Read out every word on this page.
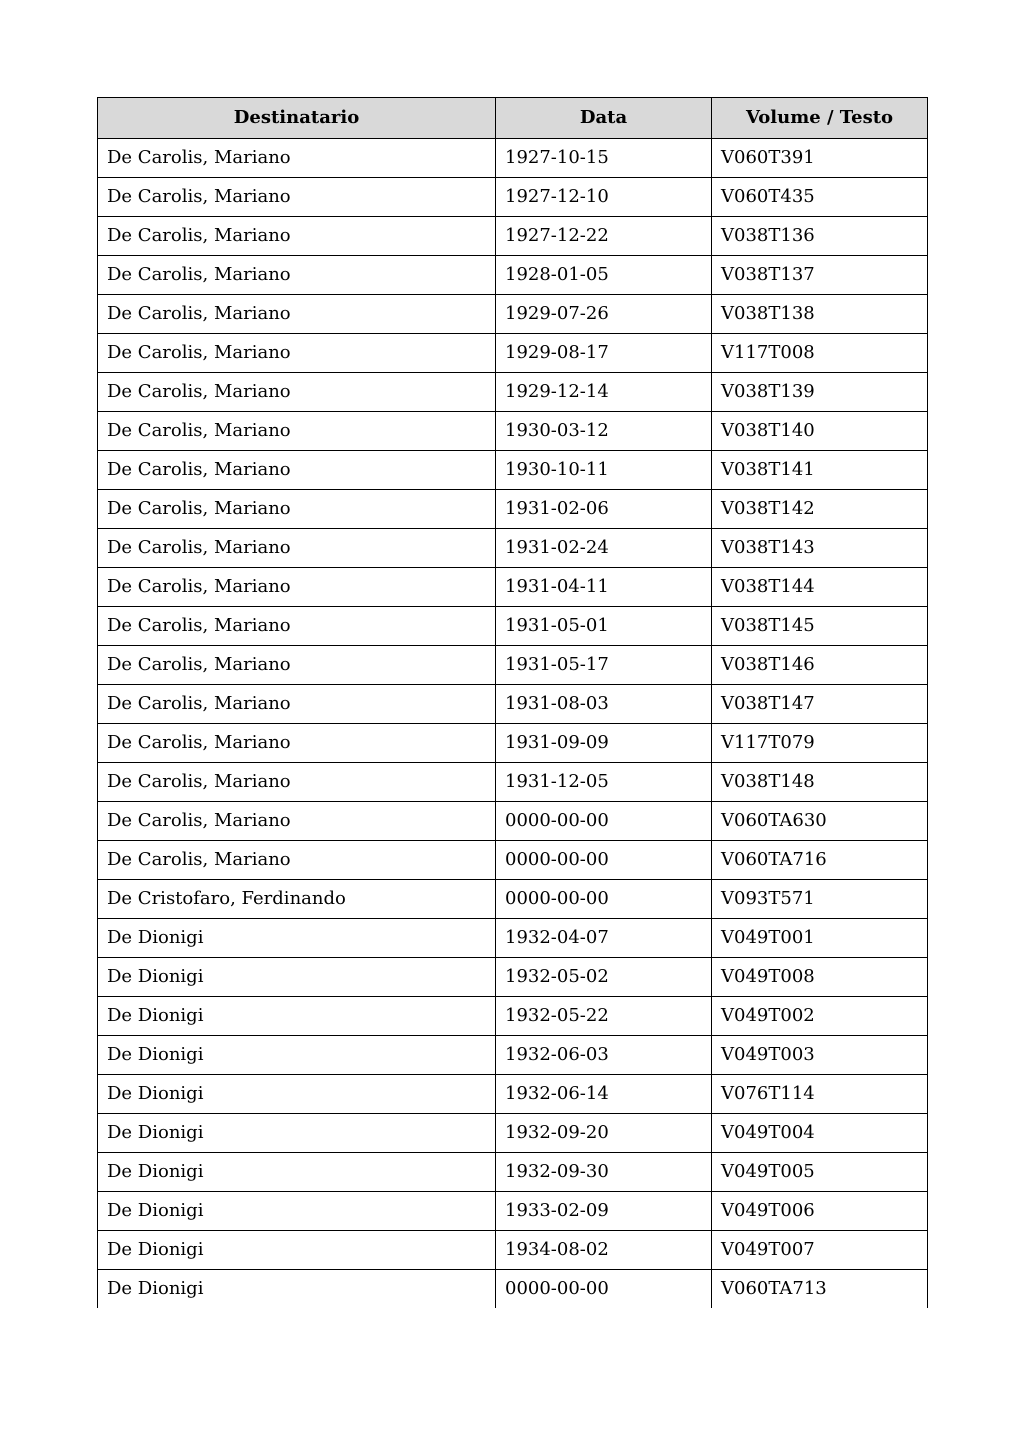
Destinatario	Data	Volume / Testo
De Carolis, Mariano	1927-10-15	V060T391
De Carolis, Mariano	1927-12-10	V060T435
De Carolis, Mariano	1927-12-22	V038T136
De Carolis, Mariano	1928-01-05	V038T137
De Carolis, Mariano	1929-07-26	V038T138
De Carolis, Mariano	1929-08-17	V117T008
De Carolis, Mariano	1929-12-14	V038T139
De Carolis, Mariano	1930-03-12	V038T140
De Carolis, Mariano	1930-10-11	V038T141
De Carolis, Mariano	1931-02-06	V038T142
De Carolis, Mariano	1931-02-24	V038T143
De Carolis, Mariano	1931-04-11	V038T144
De Carolis, Mariano	1931-05-01	V038T145
De Carolis, Mariano	1931-05-17	V038T146
De Carolis, Mariano	1931-08-03	V038T147
De Carolis, Mariano	1931-09-09	V117T079
De Carolis, Mariano	1931-12-05	V038T148
De Carolis, Mariano	0000-00-00	V060TA630
De Carolis, Mariano	0000-00-00	V060TA716
De Cristofaro, Ferdinando	0000-00-00	V093T571
De Dionigi	1932-04-07	V049T001
De Dionigi	1932-05-02	V049T008
De Dionigi	1932-05-22	V049T002
De Dionigi	1932-06-03	V049T003
De Dionigi	1932-06-14	V076T114
De Dionigi	1932-09-20	V049T004
De Dionigi	1932-09-30	V049T005
De Dionigi	1933-02-09	V049T006
De Dionigi	1934-08-02	V049T007
De Dionigi	0000-00-00	V060TA713
